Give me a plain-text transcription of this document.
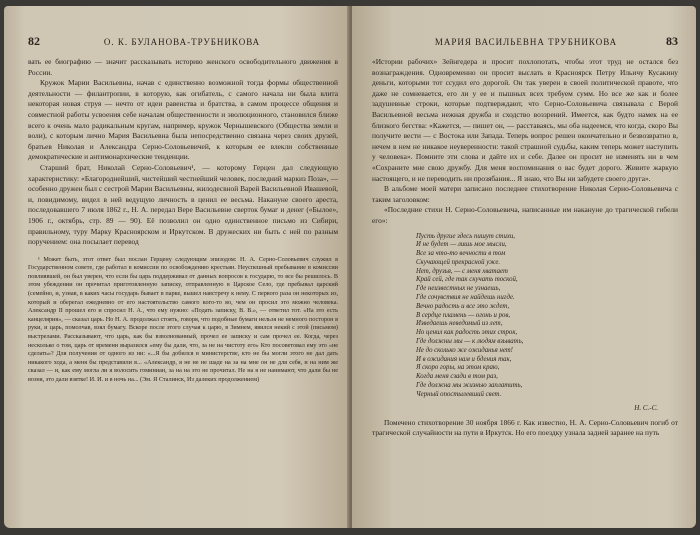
82	О. К. БУЛАНОВА-ТРУБНИКОВА

вать ее биографию — значит рассказывать историю женского освободительного движения в России.

Кружок Марии Васильевны, начав с единственно возможной тогда формы общественной деятельности — филантропии, в которую, как огибатель, с самого начала ни была влита некоторая новая струя — нечто от идеи равенства и братства, в самом процессе общения и совместной работы усвоения себе началам общественности и эволюционного, становился ближе всего к очень мало радикальным кругам, например, кружок Чернышевского (Общества земли и воли), с которым лично Мария Васильевна была непосредственно связана через своих друзей, братьев Николая и Александра Серно-Соловьевичей, к которым ее влекли собственные демократические и антимонархические тенденции.

Старший брат, Николай Серно-Соловьевич¹, — которому Герцен дал следующую характеристику: «Благороднейший, чистейший честнейший человек, последний маркиз Поза», — особенно дружен был с сестрой Марии Васильевны, жилодесвной Варей Васильевной Ивашевой, и, повидимому, видел в ней ведущую личность в ценил ее весьма. Накануне своего ареста, последовавшего 7 июля 1862 г., Н. А. передал Вере Васильевне сверток бумаг и денег («Былое», 1906 г., октябрь, стр. 89 — 90). Её позволил он одно единственное письмо из Сибири, правильному, туру Марку Красноярском и Иркутском. В дружеских ни быть с ней по разным поручением: она посылает перевод

¹ Может быть, этот ответ был послан Герцену следующим эпизодом: Н. А. Серно-Соловьевич служил в Государственном совете, где работал в комиссии по освобождению крестьян. Неуспешный пребывание в комиссии повлиявшей, он был уверен, что если бы царь поддерживал от данных вопросов к государю, то все бы решилось. В этом убеждении он прочитал приготовленную записку, отправленную в Царское Село, где пребывал царский (семейно, и, узнав, в каких часы государь бывает в парке, вышел навстречу к нему. С первого раза он некоторых из, который и оберегал ежедневно от его настоятельство самого кого-то во, чем он просил это можно человека. Александр II прошел его и спросил Н. А., что ему нужно: «Подать записку, В. В.», — ответил тот. «На это есть канцелярия», — сказал царь. Но Н. А. продолжал стоять, говоря, что подобные бумаги нельзя не немного посторон в руки, и царь, помолчав, взял бумагу. Вскоре после этого случая к царю, в Зимнем, явился некий с этой (письмом) выстрелами. Рассказывают, что царь, как бы взволнованный, прочел ее записку и сам прочел ее. Когда, через несколько о том, царь от времени выразился «ему бы дали, что, за не на чистоту его» Кто посоветовал ему это «не сделать»? Для получения от одного из ни: «...Я бы добился в министерстве, кто не бы могли этого не дал дать никакого хода, а меня бы представили в... «Александр, я не не не шаде на за на мне он не для себя, и на ним же сказал — и, как ему могла ли я волосить гоминиан, за на на это не прочитал. Не на я не нанимают, что дали бы не возня, это дали взятке! И. И. и в ночь на... (Эм. Я Сталинск, Из далеких продолжением)

МАРИЯ ВАСИЛЬЕВНА ТРУБНИКОВА	83

«Истории рабочих» Зейнгедера и просит похлопотать, чтобы этот труд не остался без вознаграждения. Одновременно он просит выслать в Красноярск Петру Ильичу Кусакину деньги, которыми тот ссудил его дорогой. Он так уверен в своей политической правоте, что даже не сомневается, его ли у ее и пышных всех требуем сумм. Но все же как и более задушевные строки, которые подтверждают, что Серно-Соловьевича связывала с Верой Васильевной весьма нежная дружба и сходство воззрений. Имеется, как будто намек на ее близкого бегства: «Кажется, — пишет он, — расставаясь, мы оба надеемся, что когда, скоро Вы получите вести — с Востока или Запада. Теперь вопрос решен окончательно и безвозвратно в, нечем в нем не никакое неуверенности: такой страшной судьбы, каким теперь может наступить у человека». Помните эти слова и дайте их и себе. Далее он просит не изменять ни в чем «Сохраните мне свою дружбу. Для меня воспоминания о вас будет дорого. Живите жаркую настоящего, и не переводить ни прозябания... Я знаю, что Вы ни забудете своего друга».

В альбоме моей матери записано последнее стихотворение Николая Серно-Соловьевича с таким заголовком:

«Последние стихи Н. Серно-Соловьевича, написанные им накануне до трагической гибели его»:

Пусть другие здесь пишут стихи,
И не будет — лишь мое мысли,
Все за что-то вечности в том
Скучающей прекрасной уже.
Нет, друзья, — с меня хватает
Край сей, где так скучать тоской,
Где неизвестных не узнаешь,
Где сочувствия не найдешь нигде.
Вечно радость и все это ждет,
В сердце пламень — огонь и ров,
Изведаешь неведомый из лет,
Но ценил как радость этих строк,
Где должны мы — к людям взывать,
Не до сколько же ожиданья нет!
И в ожидания нам и бдения так,
Я скоро горы, на этом краю,
Когда меня сзади в том раз,
Где должна мы жизнью заплатить,
Черный опостылевший свет.
Н. С.-С.

Помечено стихотворение 30 ноября 1866 г. Как известно, Н. А. Серно-Соловьевич погиб от трагической случайности на пути в Иркутск. Но его поездку узнала задней заранее на путь
